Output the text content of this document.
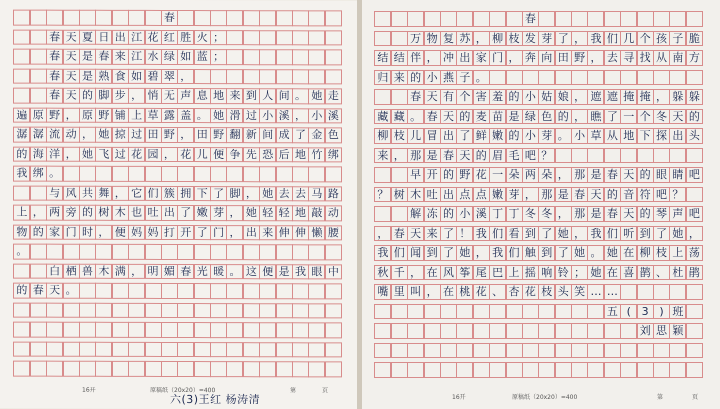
春
春 天 夏 日 出 江 花 红 胜 火 ；
春 天 是 春 来 江 水 绿 如 蓝 ；
春 天 是 熟 食 如 碧 翠 ，
春 天 的 脚 步 ， 悄 无 声 息 地 来 到 人 间 。 她 走
遍 原 野 ， 原 野 铺 上 草 露 盖 。 她 滑 过 小 溪 ， 小 溪
潺 潺 流 动 ， 她 掠 过 田 野 ， 田 野 翻 新 间 成 了 金 色
的 海 洋 ， 她 飞 过 花 园 ， 花 儿 便 争 先 恐 后 地 竹 绑
我 绑 。
与 风 共 舞 ， 它 们 簇 拥 下 了 脚 ， 她 去 去 马 路
上 ， 两 旁 的 树 木 也 吐 出 了 嫩 芽 ， 她 轻 轻 地 敲 动
物 的 家 门 时 ， 便 妈 妈 打 开 了 门 ， 出 来 伸 伸 懒 腰
。
白 栖 兽 木 满 ， 明 媚 春 光 暖 。 这 便 是 我 眼 中
的 春 天 。
16开	原稿纸（20x20）=400	第	页
六(3)王红 杨涛清
春
万 物 复 苏 ， 柳 枝 发 芽 了 ， 我 们 几 个 孩 子 脆
结 结 伴 ， 冲 出 家 门 ， 奔 向 田 野 ， 去 寻 找 从 南 方
归 来 的 小 燕 子 。
春 天 有 个 害 羞 的 小 姑 娘 ， 遮 遮 掩 掩 ， 躲 躲
藏 藏 。 春 天 的 麦 苗 是 绿 色 的 ， 瞧 了 一 个 冬 天 的
柳 枝 儿 冒 出 了 鲜 嫩 的 小 芽 。 小 草 从 地 下 探 出 头
来 ， 那 是 春 天 的 眉 毛 吧 ？
早 开 的 野 花 一 朵 两 朵 ， 那 是 春 天 的 眼 睛 吧
？ 树 木 吐 出 点 点 嫩 芽 ， 那 是 春 天 的 音 符 吧 ？
解 冻 的 小 溪 丁 丁 冬 冬 ， 那 是 春 天 的 琴 声 吧
， 春 天 来 了 ！ 我 们 看 到 了 她 ， 我 们 听 到 了 她 ，
我 们 闻 到 了 她 ， 我 们 触 到 了 她 。 她 在 柳 枝 上 荡
秋 千 ， 在 风 筝 尾 巴 上 摇 响 铃 ； 她 在 喜 鹊 、 杜 鹃
嘴 里 叫 ， 在 桃 花 、 杏 花 枝 头 笑 … …
五 ( 3 ) 班
刘 思 颖
16开	原稿纸（20x20）=400	第	页
